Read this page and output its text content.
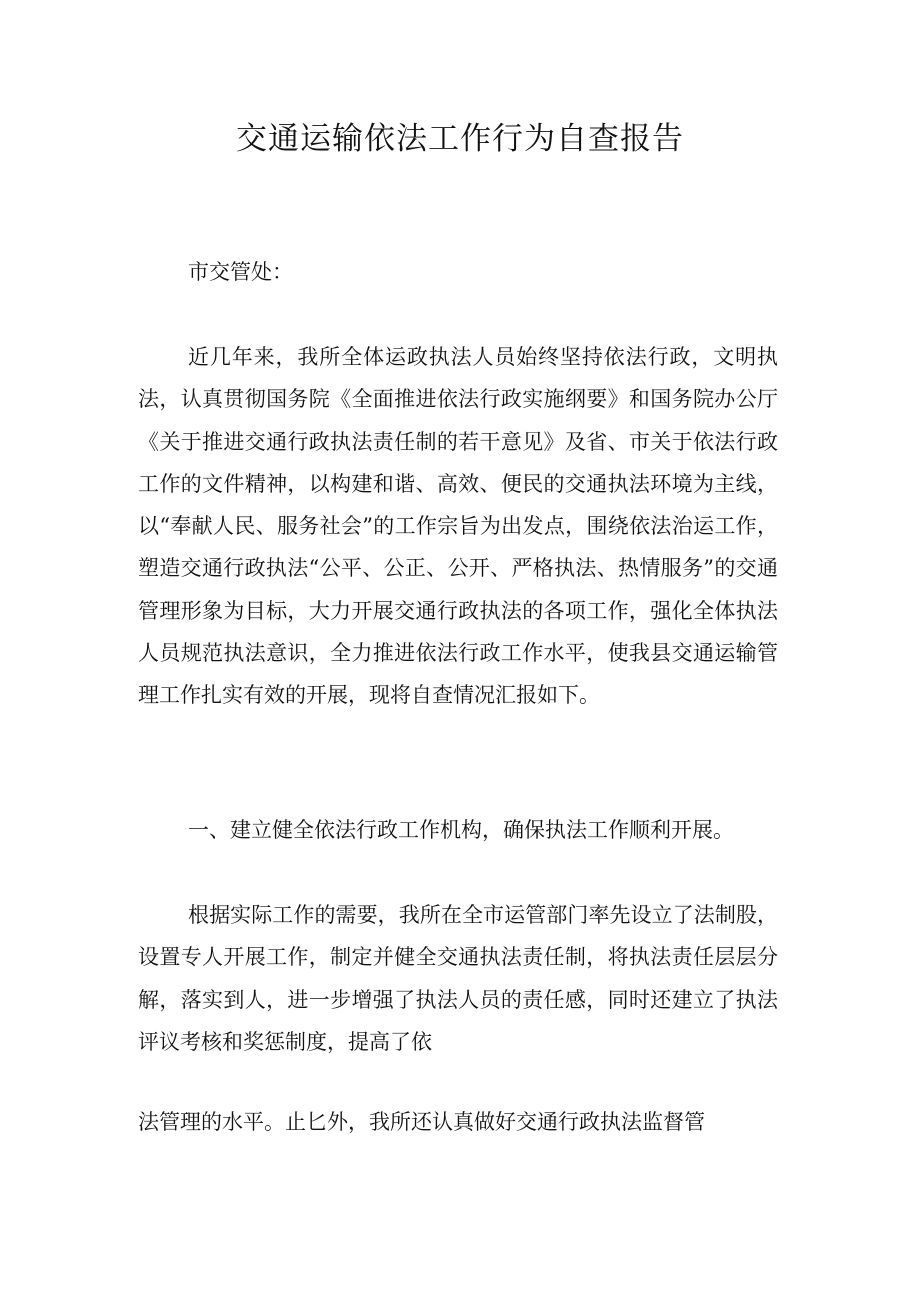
交通运输依法工作行为自查报告

市交管处：

近几年来，我所全体运政执法人员始终坚持依法行政，文明执法，认真贯彻国务院《全面推进依法行政实施纲要》和国务院办公厅《关于推进交通行政执法责任制的若干意见》及省、市关于依法行政工作的文件精神，以构建和谐、高效、便民的交通执法环境为主线，以“奉献人民、服务社会”的工作宗旨为出发点，围绕依法治运工作，塑造交通行政执法“公平、公正、公开、严格执法、热情服务”的交通管理形象为目标，大力开展交通行政执法的各项工作，强化全体执法人员规范执法意识，全力推进依法行政工作水平，使我县交通运输管理工作扎实有效的开展，现将自查情况汇报如下。

一、建立健全依法行政工作机构，确保执法工作顺利开展。

根据实际工作的需要，我所在全市运管部门率先设立了法制股，设置专人开展工作，制定并健全交通执法责任制，将执法责任层层分解，落实到人，进一步增强了执法人员的责任感，同时还建立了执法评议考核和奖惩制度，提高了依

法管理的水平。止匕外，我所还认真做好交通行政执法监督管
